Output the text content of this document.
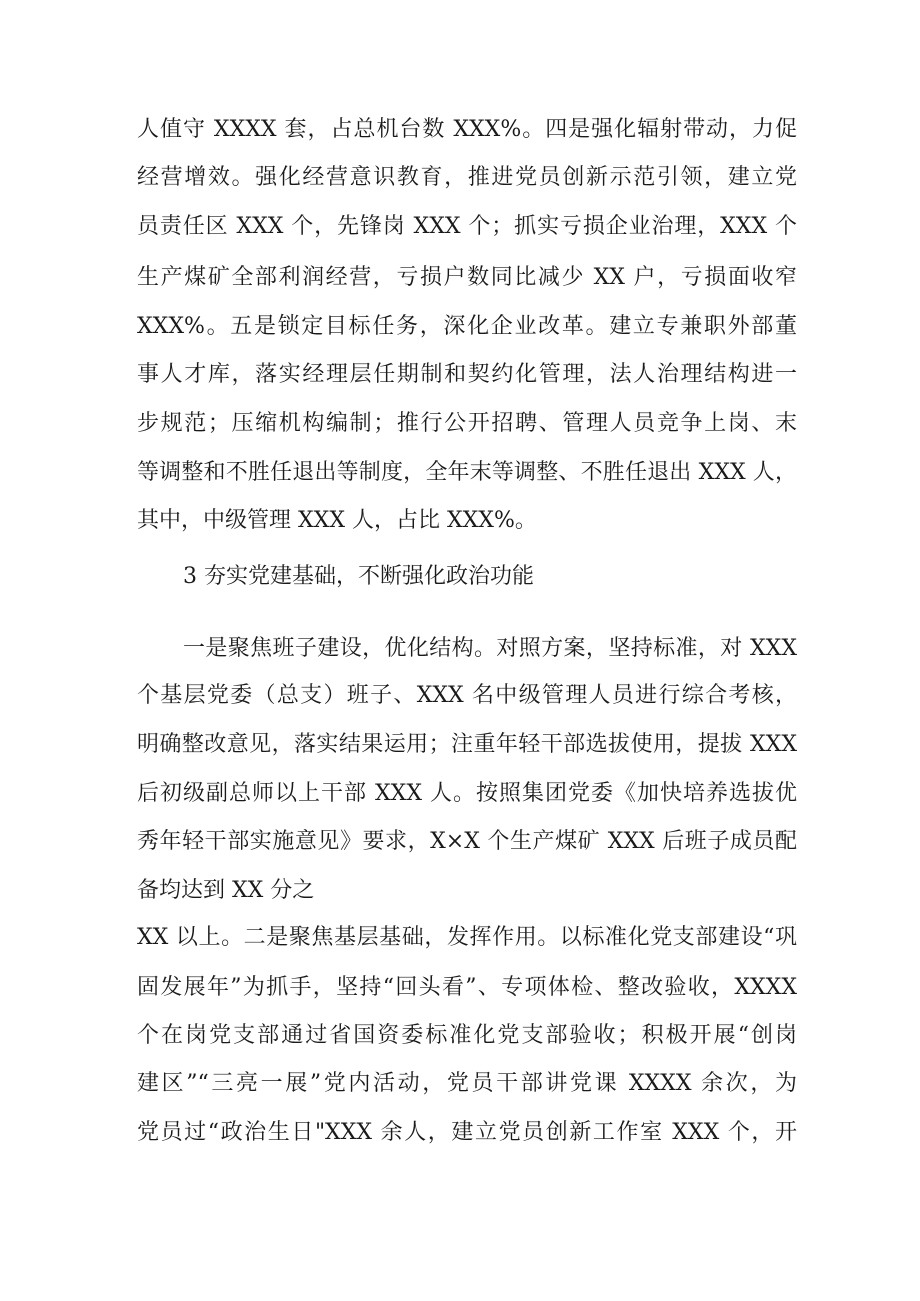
人值守 XXXX 套，占总机台数 XXX%。四是强化辐射带动，力促
经营增效。强化经营意识教育，推进党员创新示范引领，建立党
员责任区 XXX 个，先锋岗 XXX 个；抓实亏损企业治理，XXX 个
生产煤矿全部利润经营，亏损户数同比减少 XX 户，亏损面收窄
XXX%。五是锁定目标任务，深化企业改革。建立专兼职外部董
事人才库，落实经理层任期制和契约化管理，法人治理结构进一
步规范；压缩机构编制；推行公开招聘、管理人员竞争上岗、末
等调整和不胜任退出等制度，全年末等调整、不胜任退出 XXX 人，
其中，中级管理 XXX 人，占比 XXX%。
3 夯实党建基础，不断强化政治功能
一是聚焦班子建设，优化结构。对照方案，坚持标准，对 XXX
个基层党委（总支）班子、XXX 名中级管理人员进行综合考核，
明确整改意见，落实结果运用；注重年轻干部选拔使用，提拔 XXX
后初级副总师以上干部 XXX 人。按照集团党委《加快培养选拔优
秀年轻干部实施意见》要求，X×X 个生产煤矿 XXX 后班子成员配
备均达到 XX 分之
XX 以上。二是聚焦基层基础，发挥作用。以标准化党支部建设“巩
固发展年”为抓手，坚持“回头看”、专项体检、整改验收，XXXX
个在岗党支部通过省国资委标准化党支部验收；积极开展“创岗
建区”“三亮一展”党内活动，党员干部讲党课 XXXX 余次，为
党员过“政治生日"XXX 余人，建立党员创新工作室 XXX 个，开
